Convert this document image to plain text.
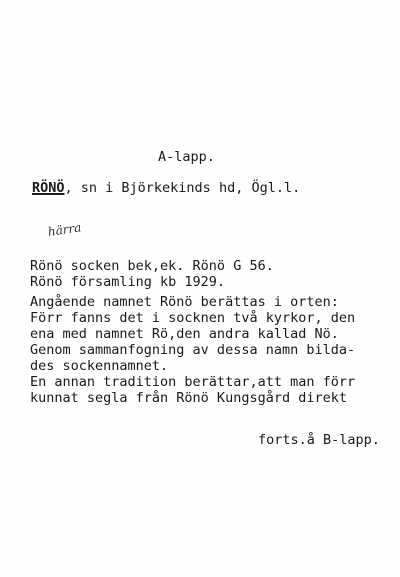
A-lapp.
RÖNÖ, sn i Björkekinds hd, Ögl.l.
härra
Rönö socken bek,ek. Rönö G 56.
Rönö församling kb 1929.
Angående namnet Rönö berättas i orten:
Förr fanns det i socknen två kyrkor, den
ena med namnet Rö,den andra kallad Nö.
Genom sammanfogning av dessa namn bilda-
des sockennamnet.
En annan tradition berättar,att man förr
kunnat segla från Rönö Kungsgård direkt
forts.å B-lapp.
